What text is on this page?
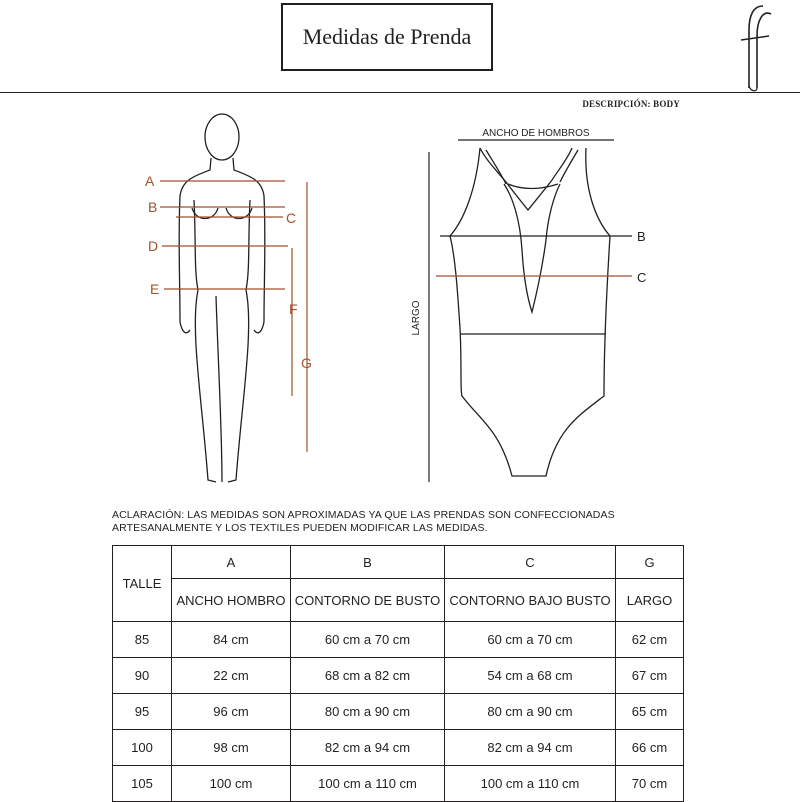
Medidas de Prenda
DESCRIPCIÓN: BODY
A
B
C
D
E
F
G
ANCHO DE HOMBROS
LARGO
B
C
ACLARACIÓN: LAS MEDIDAS SON APROXIMADAS YA QUE LAS PRENDAS SON CONFECCIONADAS
ARTESANALMENTE Y LOS TEXTILES PUEDEN MODIFICAR LAS MEDIDAS.
TALLE	A	B	C	G
	ANCHO HOMBRO	CONTORNO DE BUSTO	CONTORNO BAJO BUSTO	LARGO
85	84 cm	60 cm a 70 cm	60 cm a 70 cm	62 cm
90	22 cm	68 cm a 82 cm	54 cm a 68 cm	67 cm
95	96 cm	80 cm a 90 cm	80 cm a 90 cm	65 cm
100	98 cm	82 cm a 94 cm	82 cm a 94 cm	66 cm
105	100 cm	100 cm a 110 cm	100 cm a 110 cm	70 cm
